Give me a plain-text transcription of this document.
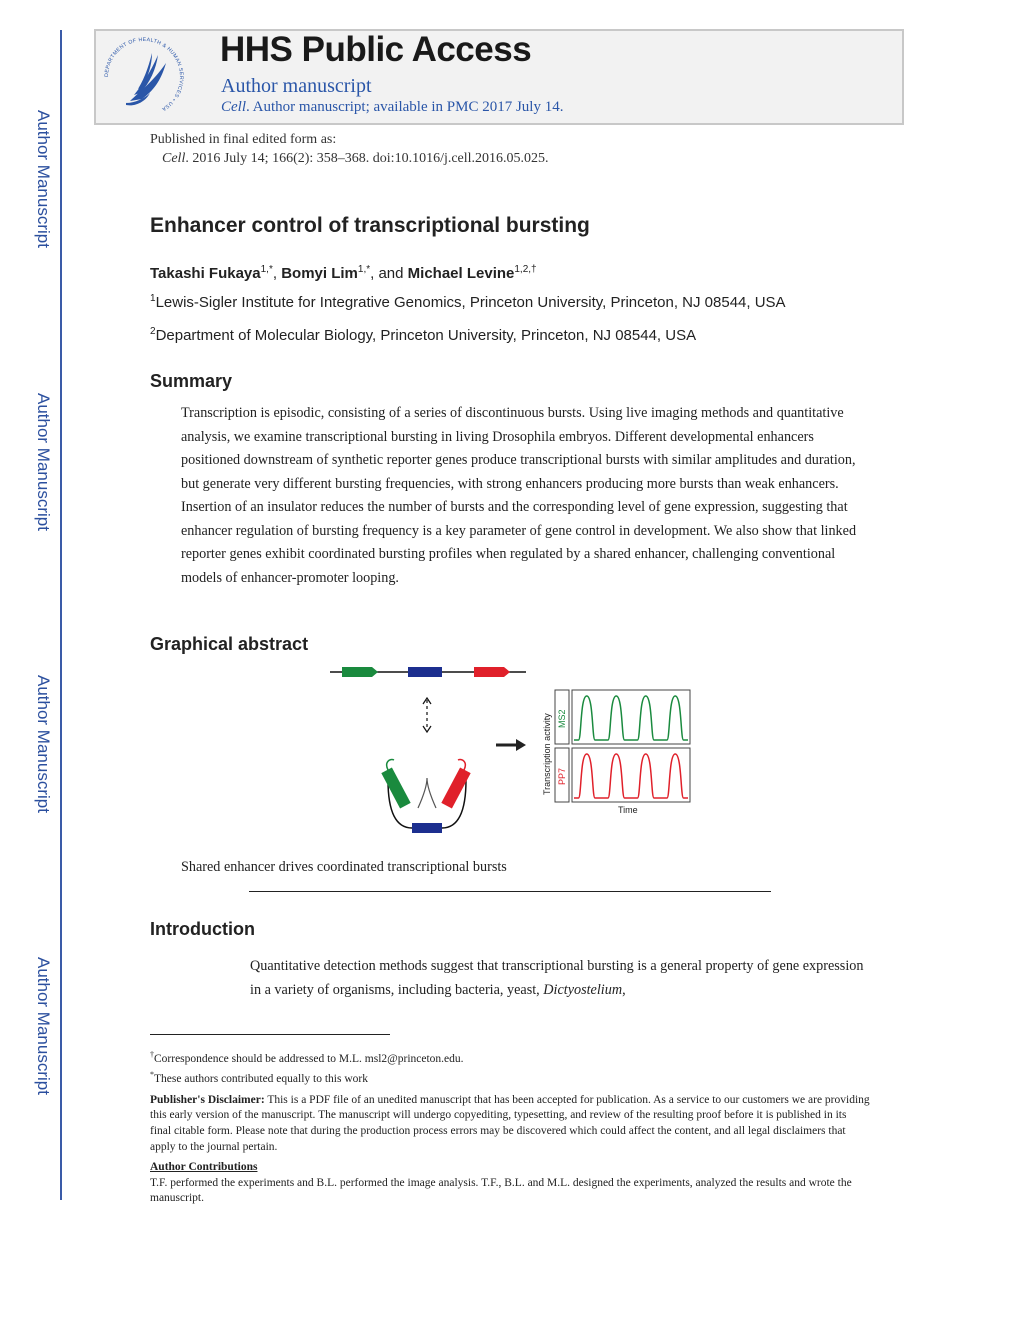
Author Manuscript
Author Manuscript
Author Manuscript
Author Manuscript
DEPARTMENT OF HEALTH & HUMAN SERVICES • USA
HHS Public Access
Author manuscript
Cell. Author manuscript; available in PMC 2017 July 14.
Published in final edited form as:
Cell. 2016 July 14; 166(2): 358–368. doi:10.1016/j.cell.2016.05.025.
Enhancer control of transcriptional bursting
Takashi Fukaya$^{1,*}$, Bomyi Lim$^{1,*}$, and Michael Levine$^{1,2,\dagger}$
$^1$Lewis-Sigler Institute for Integrative Genomics, Princeton University, Princeton, NJ 08544, USA
$^2$Department of Molecular Biology, Princeton University, Princeton, NJ 08544, USA
Summary
Transcription is episodic, consisting of a series of discontinuous bursts. Using live imaging methods and quantitative analysis, we examine transcriptional bursting in living Drosophila embryos. Different developmental enhancers positioned downstream of synthetic reporter genes produce transcriptional bursts with similar amplitudes and duration, but generate very different bursting frequencies, with strong enhancers producing more bursts than weak enhancers. Insertion of an insulator reduces the number of bursts and the corresponding level of gene expression, suggesting that enhancer regulation of bursting frequency is a key parameter of gene control in development. We also show that linked reporter genes exhibit coordinated bursting profiles when regulated by a shared enhancer, challenging conventional models of enhancer-promoter looping.
Graphical abstract
Transcription activity MS2
PP7
Time
Shared enhancer drives coordinated transcriptional bursts
Introduction
Quantitative detection methods suggest that transcriptional bursting is a general property of gene expression in a variety of organisms, including bacteria, yeast, Dictyostelium,

†Correspondence should be addressed to M.L. msl2@princeton.edu.

*These authors contributed equally to this work

Publisher's Disclaimer: This is a PDF file of an unedited manuscript that has been accepted for publication. As a service to our customers we are providing this early version of the manuscript. The manuscript will undergo copyediting, typesetting, and review of the resulting proof before it is published in its final citable form. Please note that during the production process errors may be discovered which could affect the content, and all legal disclaimers that apply to the journal pertain.

Author Contributions

T.F. performed the experiments and B.L. performed the image analysis. T.F., B.L. and M.L. designed the experiments, analyzed the results and wrote the manuscript.
